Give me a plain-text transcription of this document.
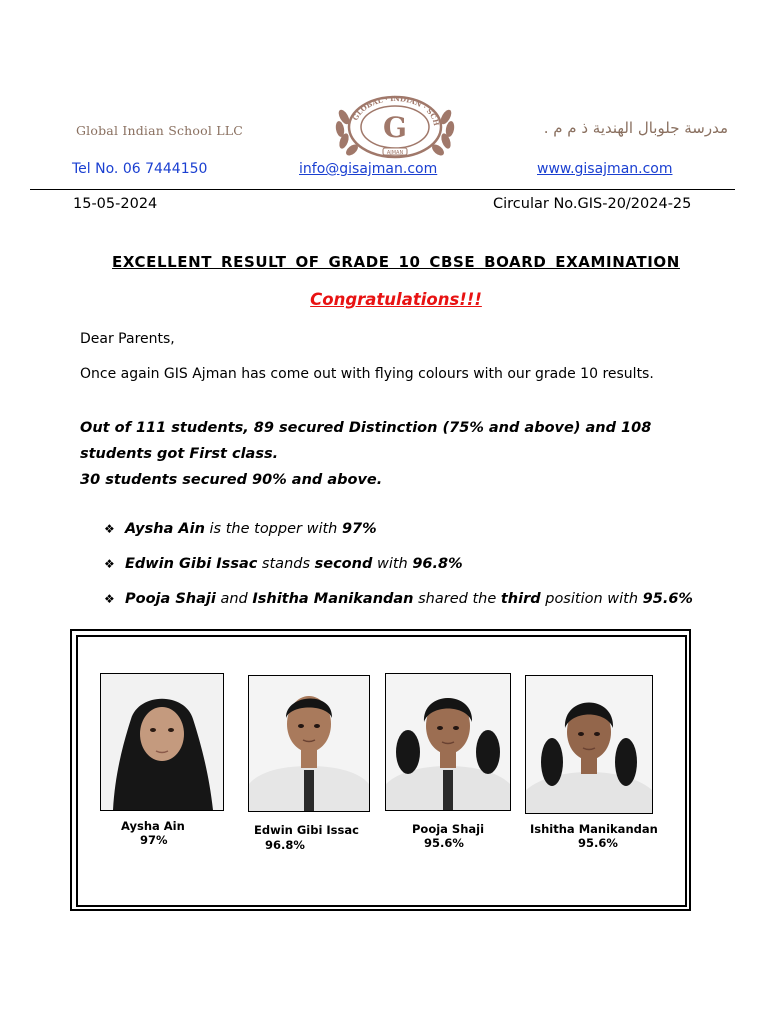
Global Indian School LLC
GLOBAL · INDIAN · SCH
G
AJMAN
مدرسة جلوبال الهندية ذ م م .
Tel No. 06 7444150	info@gisajman.com	www.gisajman.com
15-05-2024	Circular No.GIS-20/2024-25
EXCELLENT RESULT OF GRADE 10 CBSE BOARD EXAMINATION
Congratulations!!!
Dear Parents,
Once again GIS Ajman has come out with flying colours with our grade 10 results.
Out of 111 students, 89 secured Distinction (75% and above) and 108 students got First class.
30 students secured 90% and above.
❖ Aysha Ain is the topper with 97%
❖ Edwin Gibi Issac stands second with 96.8%
❖ Pooja Shaji and Ishitha Manikandan shared the third position with 95.6%
Aysha Ain
97%
Edwin Gibi Issac
96.8%
Pooja Shaji
95.6%
Ishitha Manikandan
95.6%
